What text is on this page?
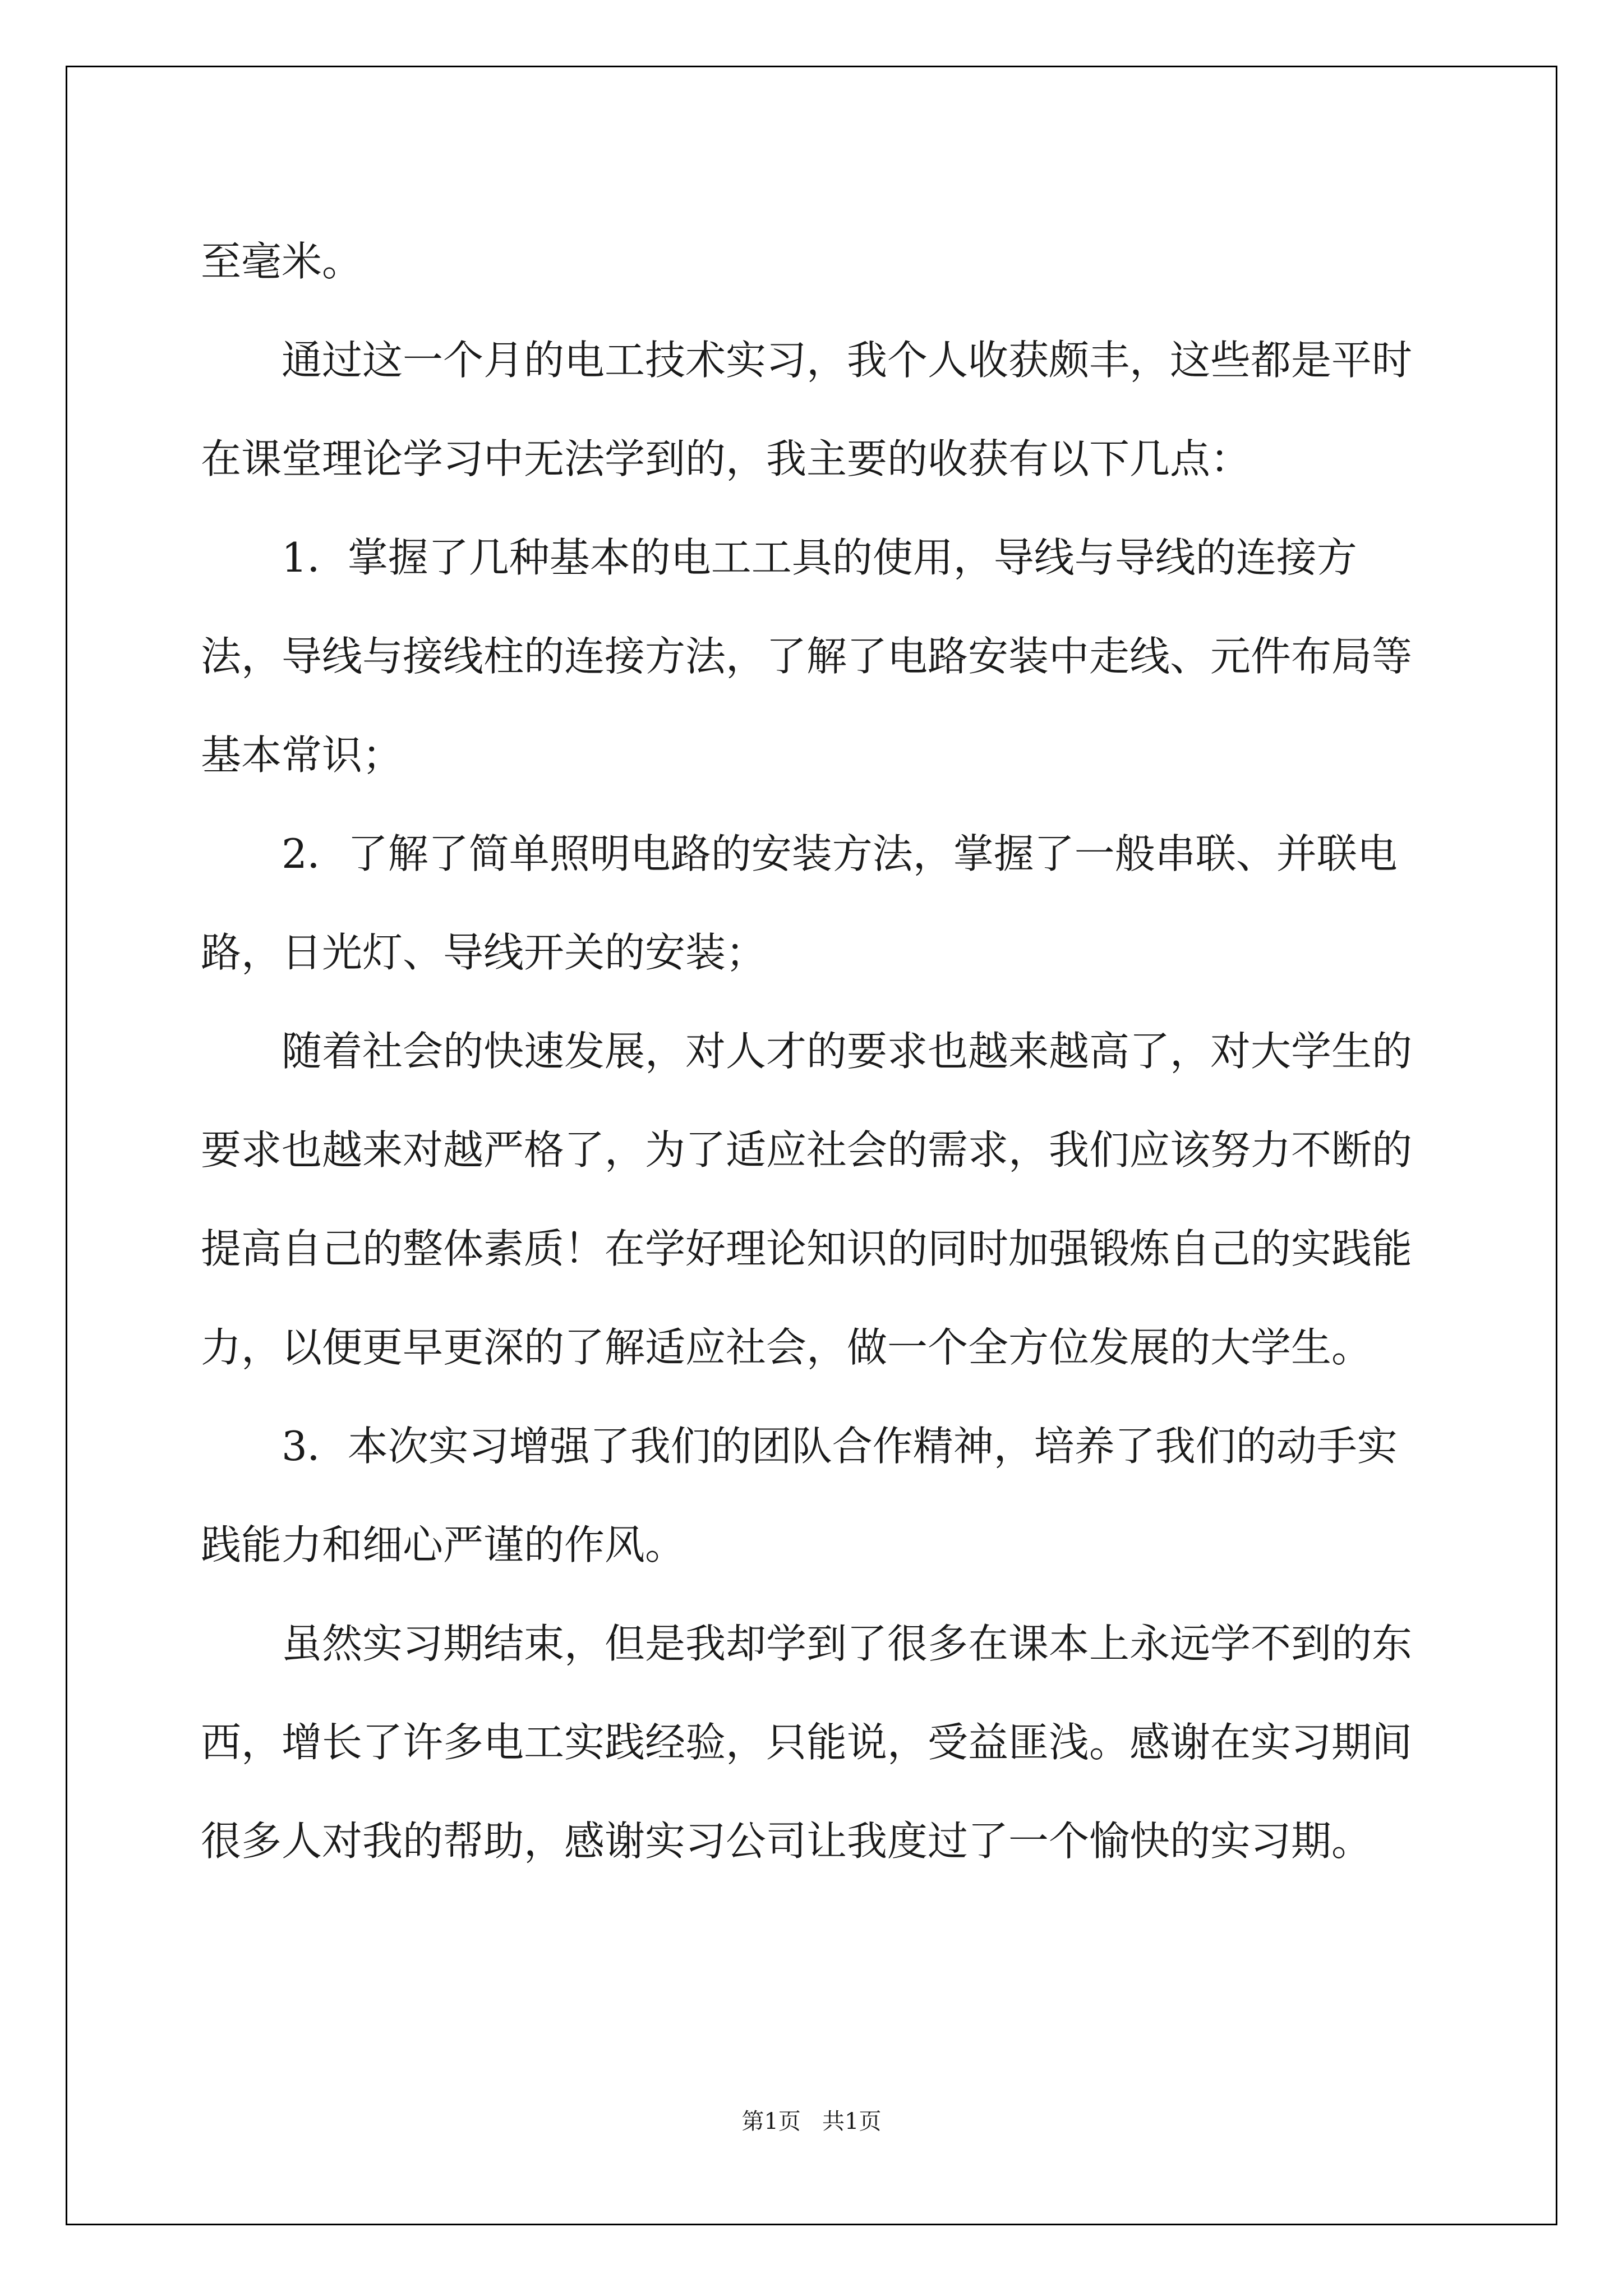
至毫米。

通过这一个月的电工技术实习，我个人收获颇丰，这些都是平时在课堂理论学习中无法学到的，我主要的收获有以下几点：

1．掌握了几种基本的电工工具的使用，导线与导线的连接方法，导线与接线柱的连接方法，了解了电路安装中走线、元件布局等基本常识；

2．了解了简单照明电路的安装方法，掌握了一般串联、并联电路，日光灯、导线开关的安装；

随着社会的快速发展，对人才的要求也越来越高了，对大学生的要求也越来对越严格了，为了适应社会的需求，我们应该努力不断的提高自己的整体素质！在学好理论知识的同时加强锻炼自己的实践能力，以便更早更深的了解适应社会，做一个全方位发展的大学生。

3．本次实习增强了我们的团队合作精神，培养了我们的动手实践能力和细心严谨的作风。

虽然实习期结束，但是我却学到了很多在课本上永远学不到的东西，增长了许多电工实践经验，只能说，受益匪浅。感谢在实习期间很多人对我的帮助，感谢实习公司让我度过了一个愉快的实习期。

第1页   共1页
